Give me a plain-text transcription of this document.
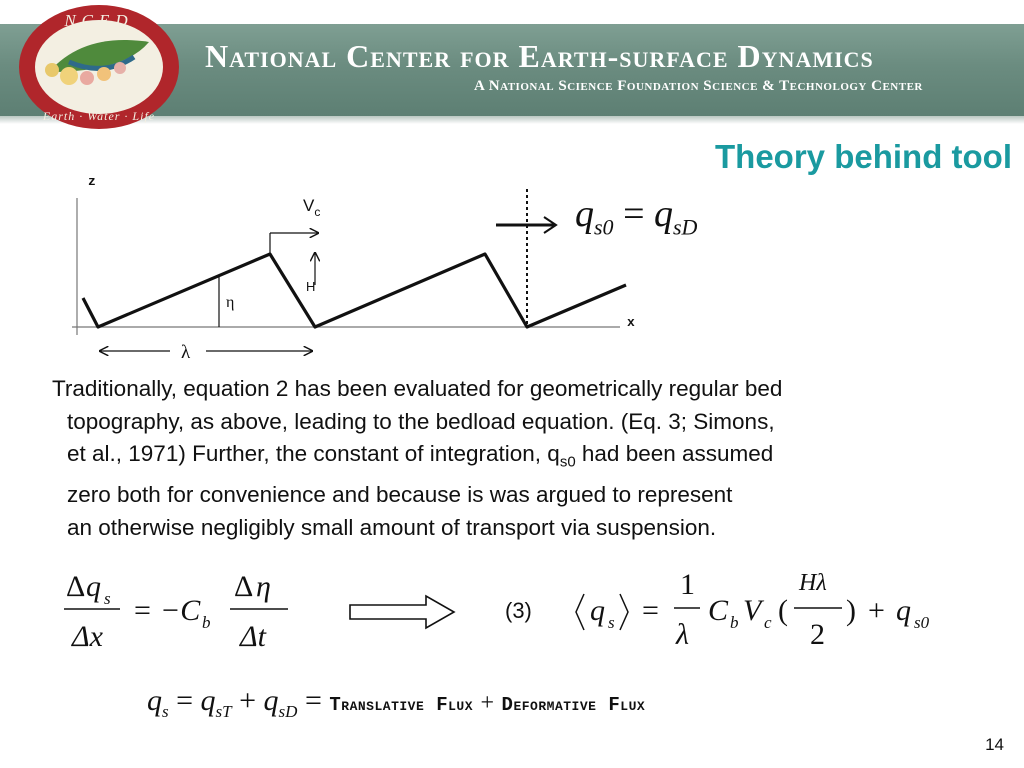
NCED
Earth · Water · Life
National Center for Earth-surface Dynamics
A National Science Foundation Science & Technology Center
Theory behind tool
z
x
η
H
$V_c$
λ
$q_{s0} = q_{sD}$
Traditionally, equation 2 has been evaluated for geometrically regular bed
topography, as above, leading to the bedload equation. (Eq. 3; Simons,
et al., 1971) Further, the constant of integration, $q_{s0}$ had been assumed
zero both for convenience and because is was argued to represent
an otherwise negligibly small amount of transport via suspension.
Δ q s
Δx
= −C b
Δ η
Δt
(3) q s =
1
λ
C b V c (
Hλ
2
) + q s0
$q_s = q_{sT} + q_{sD}$ = Translative Flux + Deformative Flux
14
